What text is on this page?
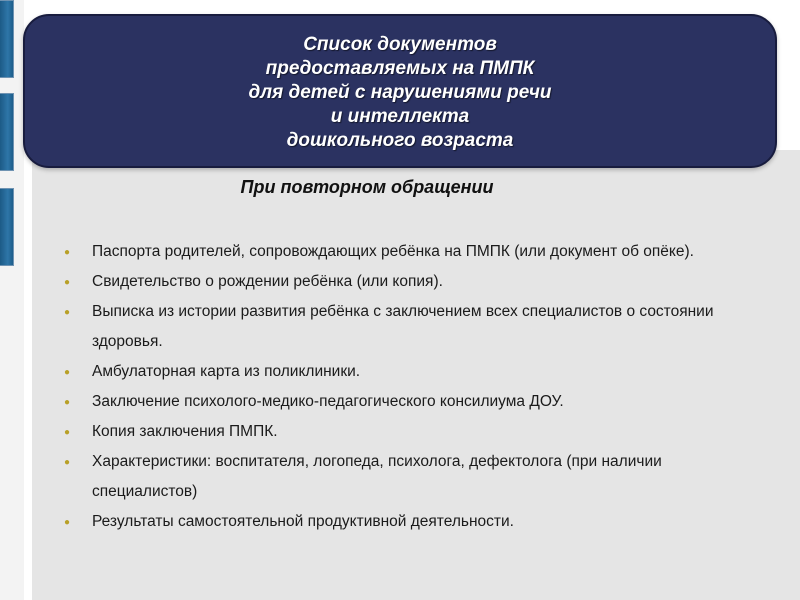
Список документов
предоставляемых на ПМПК
для детей с нарушениями речи
и интеллекта
дошкольного возраста
При повторном обращении
● Паспорта родителей, сопровождающих ребёнка на ПМПК (или документ об опёке).
● Свидетельство о рождении ребёнка (или копия).
● Выписка из истории развития ребёнка с заключением всех специалистов о состоянии здоровья.
● Амбулаторная карта из поликлиники.
● Заключение психолого-медико-педагогического консилиума ДОУ.
● Копия заключения ПМПК.
● Характеристики: воспитателя, логопеда, психолога, дефектолога (при наличии специалистов)
● Результаты самостоятельной продуктивной деятельности.
